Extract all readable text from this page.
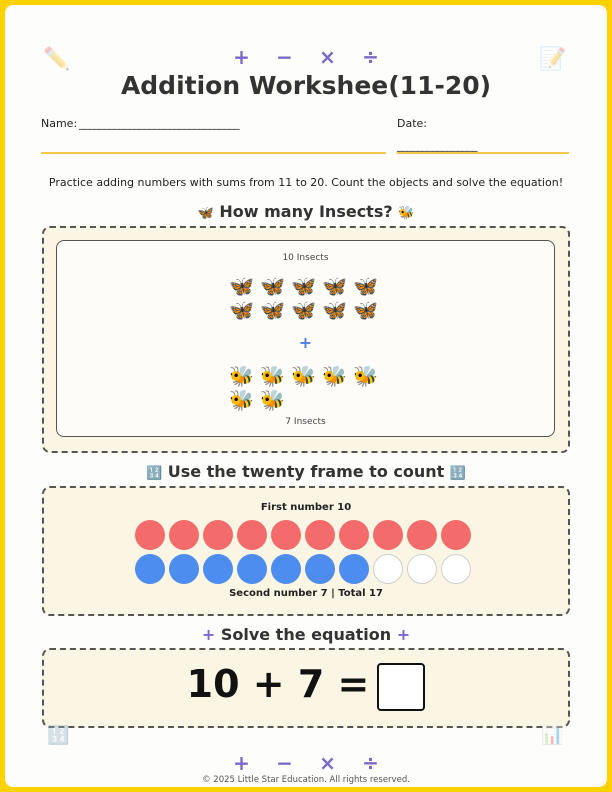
✏️	📝
+ − × ÷
Addition Workshee(11-20)
Name: ________________________________	Date:
________________
Practice adding numbers with sums from 11 to 20. Count the objects and solve the equation!
🦋 How many Insects? 🐝
10 Insects
🦋 🦋 🦋 🦋 🦋
🦋 🦋 🦋 🦋 🦋
+
🐝 🐝 🐝 🐝 🐝
🐝 🐝
7 Insects
🔢 Use the twenty frame to count 🔢
First number 10
Second number 7 | Total 17
+ Solve the equation +
10 + 7 =
🔢	📊
+ − × ÷
© 2025 Little Star Education. All rights reserved.
